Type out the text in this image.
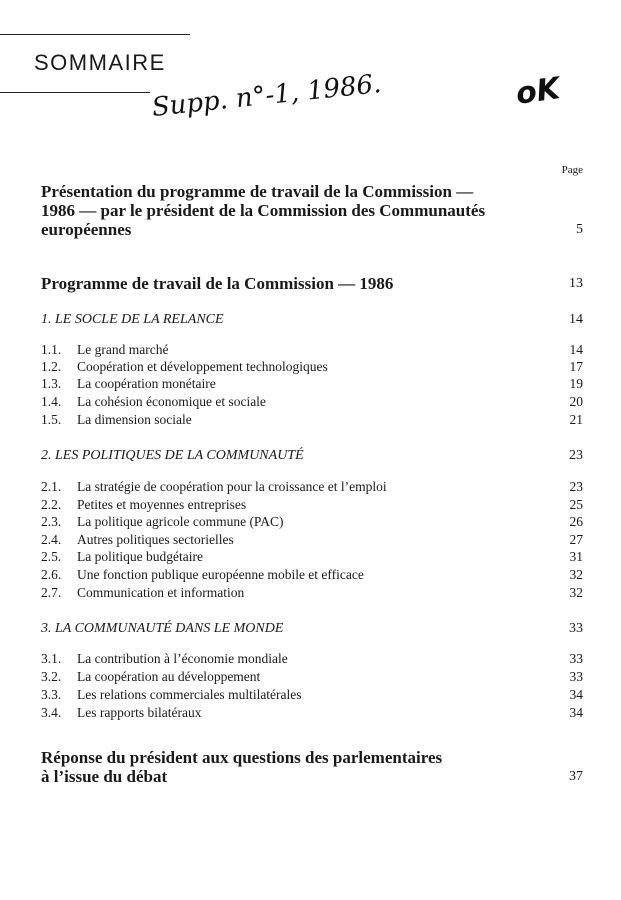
SOMMAIRE
Supp. n°-1, 1986.	oK
Page
Présentation du programme de travail de la Commission — 1986 — par le président de la Commission des Communautés européennes	5
Programme de travail de la Commission — 1986	13
1. LE SOCLE DE LA RELANCE	14
1.1. Le grand marché	14
1.2. Coopération et développement technologiques	17
1.3. La coopération monétaire	19
1.4. La cohésion économique et sociale	20
1.5. La dimension sociale	21
2. LES POLITIQUES DE LA COMMUNAUTÉ	23
2.1. La stratégie de coopération pour la croissance et l’emploi	23
2.2. Petites et moyennes entreprises	25
2.3. La politique agricole commune (PAC)	26
2.4. Autres politiques sectorielles	27
2.5. La politique budgétaire	31
2.6. Une fonction publique européenne mobile et efficace	32
2.7. Communication et information	32
3. LA COMMUNAUTÉ DANS LE MONDE	33
3.1. La contribution à l’économie mondiale	33
3.2. La coopération au développement	33
3.3. Les relations commerciales multilatérales	34
3.4. Les rapports bilatéraux	34
Réponse du président aux questions des parlementaires
à l’issue du débat	37
